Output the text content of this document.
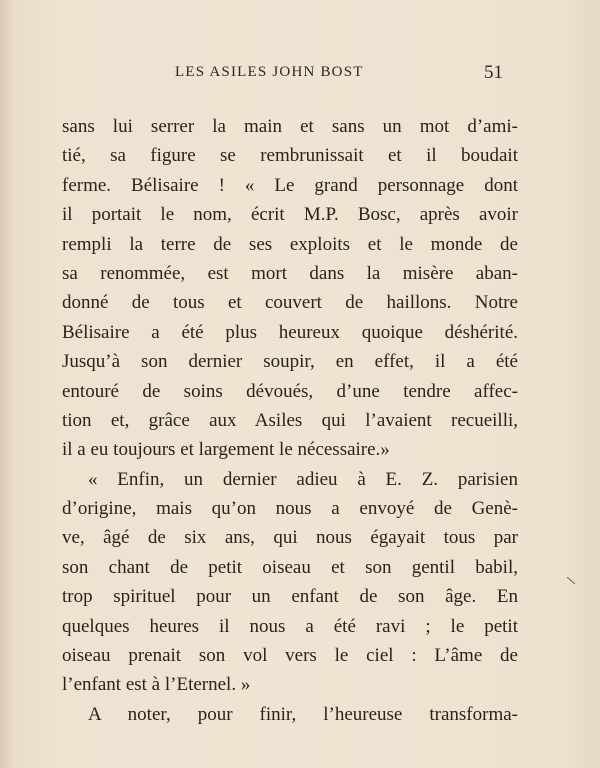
LES ASILES JOHN BOST	51
sans lui serrer la main et sans un mot d’ami-
tié, sa figure se rembrunissait et il boudait
ferme. Bélisaire ! « Le grand personnage dont
il portait le nom, écrit M.P. Bosc, après avoir
rempli la terre de ses exploits et le monde de
sa renommée, est mort dans la misère aban-
donné de tous et couvert de haillons. Notre
Bélisaire a été plus heureux quoique déshérité.
Jusqu’à son dernier soupir, en effet, il a été
entouré de soins dévoués, d’une tendre affec-
tion et, grâce aux Asiles qui l’avaient recueilli,
il a eu toujours et largement le nécessaire.»
« Enfin, un dernier adieu à E. Z. parisien
d’origine, mais qu’on nous a envoyé de Genè-
ve, âgé de six ans, qui nous égayait tous par
son chant de petit oiseau et son gentil babil,
trop spirituel pour un enfant de son âge. En
quelques heures il nous a été ravi ; le petit
oiseau prenait son vol vers le ciel : L’âme de
l’enfant est à l’Eternel. »
A noter, pour finir, l’heureuse transforma-
